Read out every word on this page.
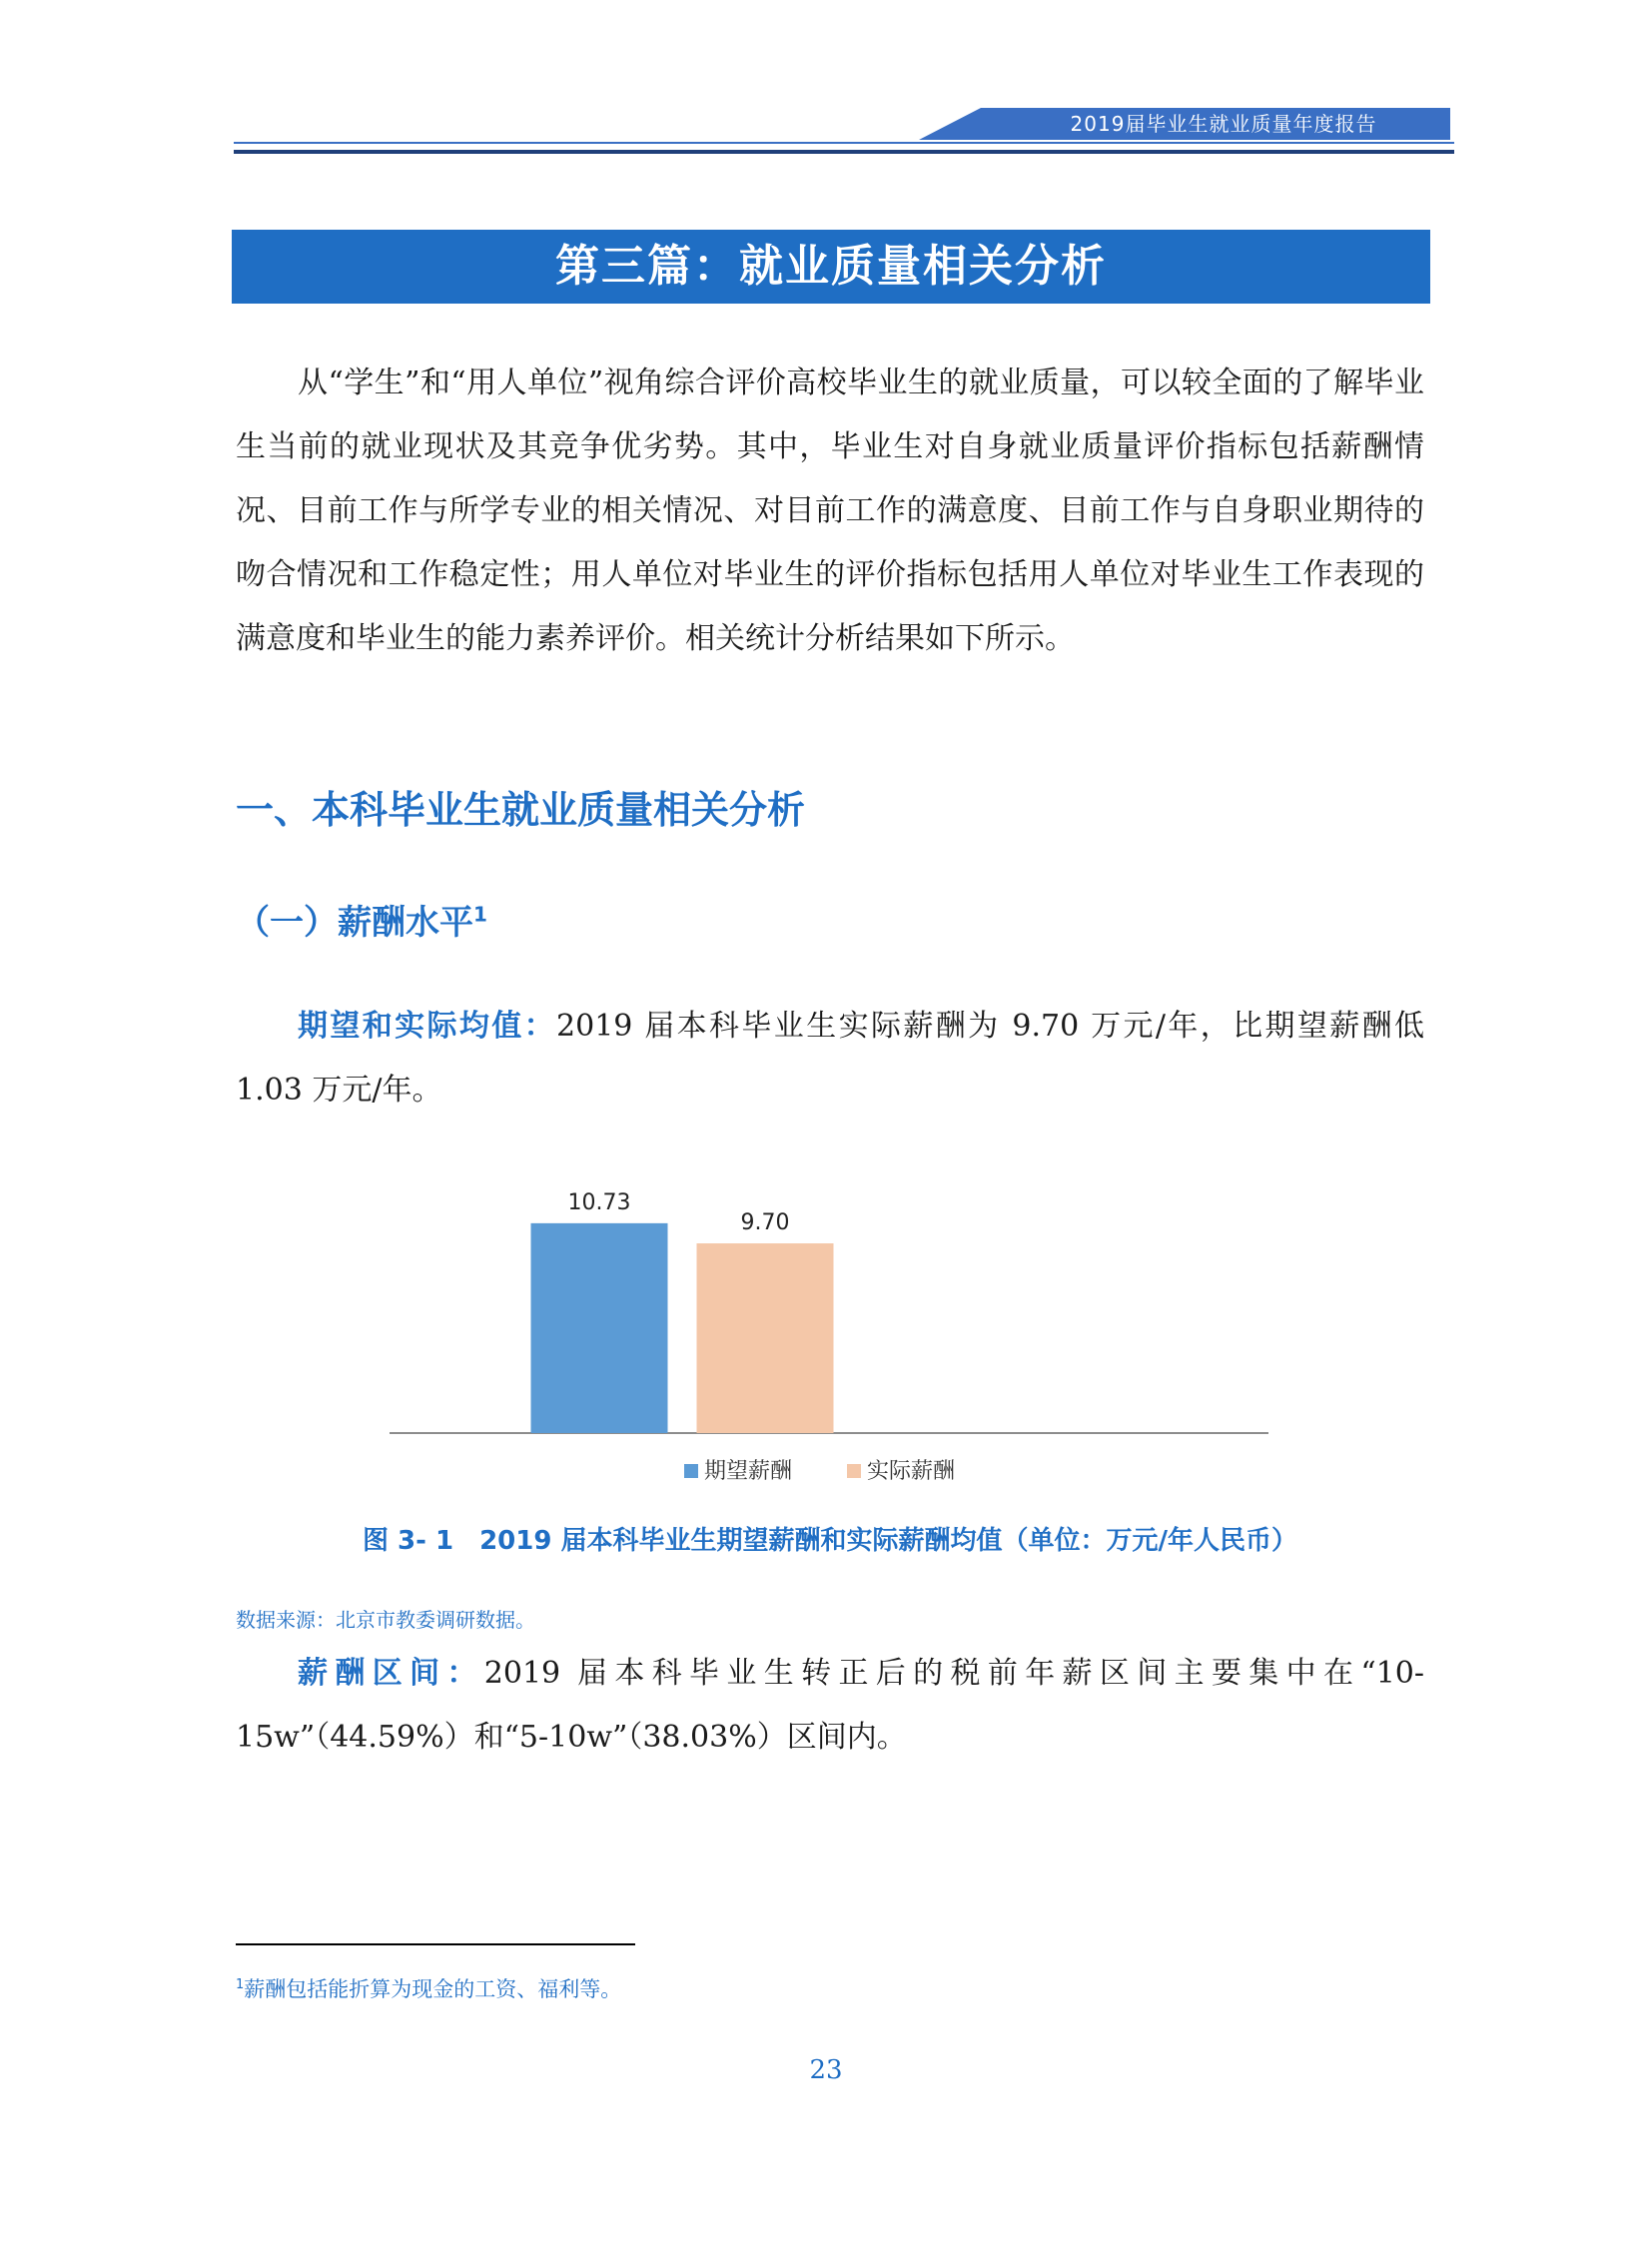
2019届毕业生就业质量年度报告
第三篇：就业质量相关分析

从“学生”和“用人单位”视角综合评价高校毕业生的就业质量，可以较全面的了解毕业生当前的就业现状及其竞争优劣势。其中，毕业生对自身就业质量评价指标包括薪酬情况、目前工作与所学专业的相关情况、对目前工作的满意度、目前工作与自身职业期待的吻合情况和工作稳定性；用人单位对毕业生的评价指标包括用人单位对毕业生工作表现的满意度和毕业生的能力素养评价。相关统计分析结果如下所示。

一、本科毕业生就业质量相关分析
（一）薪酬水平$^1$

期望和实际均值：2019 届本科毕业生实际薪酬为 9.70 万元/年，比期望薪酬低 1.03 万元/年。

10.73
9.70
期望薪酬	实际薪酬

图 3- 1　2019 届本科毕业生期望薪酬和实际薪酬均值（单位：万元/年人民币）

数据来源：北京市教委调研数据。

薪酬区间：2019 届本科毕业生转正后的税前年薪区间主要集中在“10-15w”（44.59%）和“5-10w”（38.03%）区间内。

$^1$薪酬包括能折算为现金的工资、福利等。

23
